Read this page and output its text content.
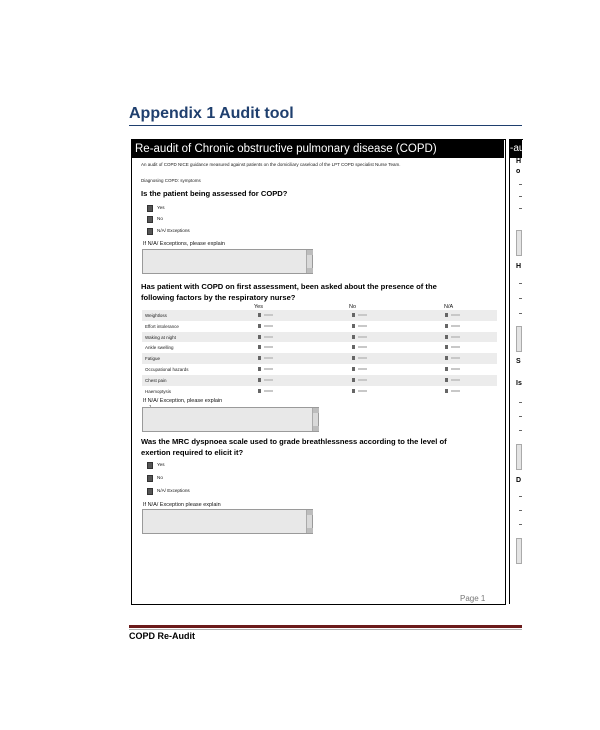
Appendix 1 Audit tool
Re-audit of Chronic obstructive pulmonary disease (COPD)
An audit of COPD NICE guidance measured against patients on the domiciliary caseload of the LPT COPD specialist Nurse Team.
Diagnosing COPD: symptoms
Is the patient being assessed for COPD?
Yes
No
N/A/ Exceptions
If N/A/ Exceptions, please explain
Has patient with COPD on first assessment, been asked about the presence of the
following factors by the respiratory nurse?
Yes	No	N/A
Weightloss
Effort intolerance
Waking at night
Ankle swelling
Fatigue
Occupational hazards
Chest pain
Haemoptysis
If N/A/ Exception, please explain
Was the MRC dyspnoea scale used to grade breathlessness according to the level of
exertion required to elicit it?
Yes
No
N/A/ Exceptions
If N/A/ Exception please explain
Page 1
-au
H
o
H
S
Is
D
COPD Re-Audit
